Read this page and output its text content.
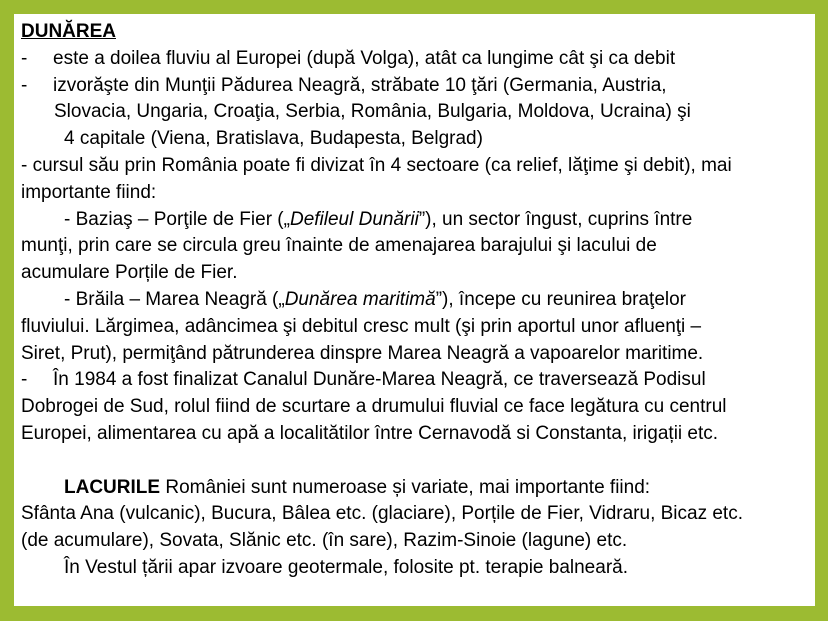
DUNĂREA
- este a doilea fluviu al Europei (după Volga), atât ca lungime cât şi ca debit
- izvorăşte din Munţii Pădurea Neagră, străbate 10 ţări (Germania, Austria,
Slovacia, Ungaria, Croaţia, Serbia, România, Bulgaria, Moldova, Ucraina) şi
4 capitale (Viena, Bratislava, Budapesta, Belgrad)
- cursul său prin România poate fi divizat în 4 sectoare (ca relief, lăţime şi debit), mai
importante fiind:
- Baziaş – Porţile de Fier („Defileul Dunării”), un sector îngust, cuprins între
munţi, prin care se circula greu înainte de amenajarea barajului şi lacului de
acumulare Porțile de Fier.
- Brăila – Marea Neagră („Dunărea maritimă”), începe cu reunirea braţelor
fluviului. Lărgimea, adâncimea şi debitul cresc mult (şi prin aportul unor afluenţi –
Siret, Prut), permiţând pătrunderea dinspre Marea Neagră a vapoarelor maritime.
- În 1984 a fost finalizat Canalul Dunăre-Marea Neagră, ce traversează Podisul
Dobrogei de Sud, rolul fiind de scurtare a drumului fluvial ce face legătura cu centrul
Europei, alimentarea cu apă a localitătilor între Cernavodă si Constanta, irigații etc.
LACURILE României sunt numeroase și variate, mai importante fiind:
Sfânta Ana (vulcanic), Bucura, Bâlea etc. (glaciare), Porțile de Fier, Vidraru, Bicaz etc.
(de acumulare), Sovata, Slănic etc. (în sare), Razim-Sinoie (lagune) etc.
În Vestul țării apar izvoare geotermale, folosite pt. terapie balneară.
